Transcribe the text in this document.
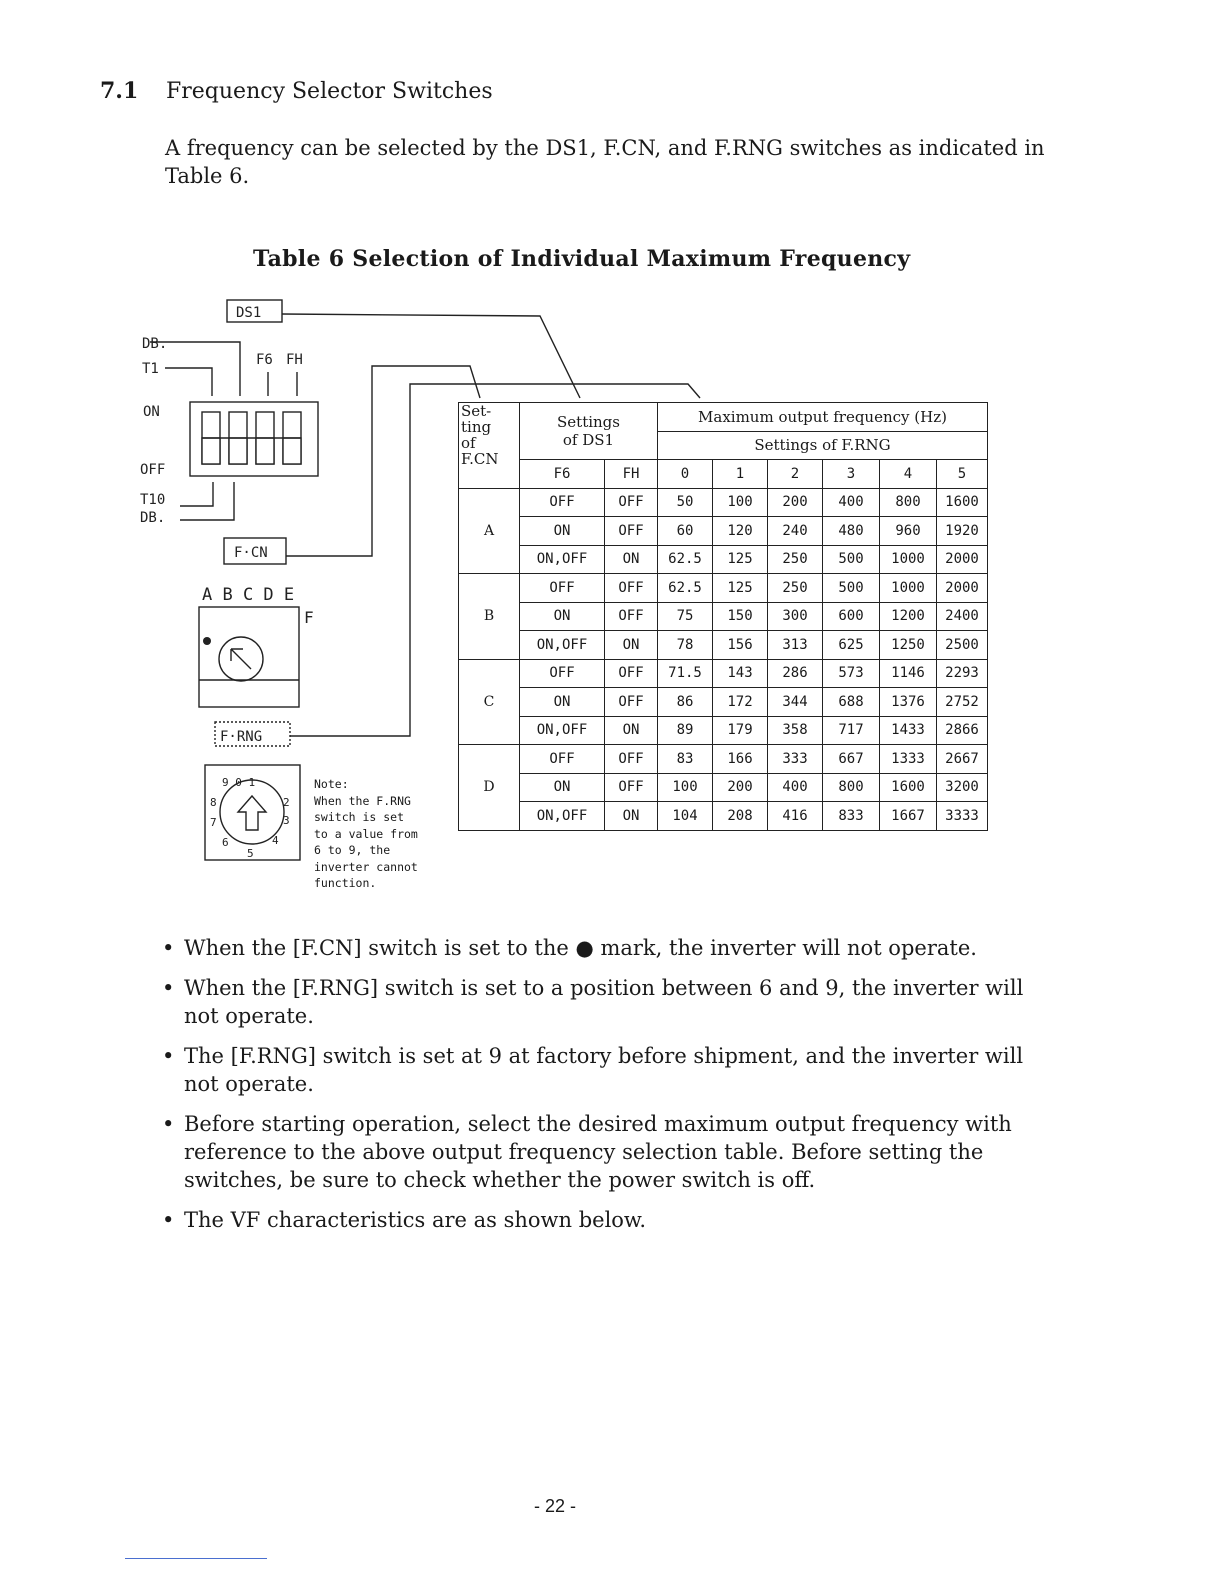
7.1 Frequency Selector Switches
A frequency can be selected by the DS1, F.CN, and F.RNG switches as indicated in Table 6.
Table 6 Selection of Individual Maximum Frequency
DS1
DB.
T1
F6 FH
ON
OFF
T10
DB.
F·CN
A B C D E
F
F·RNG
9 0 1
2
3
8
7
6
5
4
Note:
When the F.RNG
switch is set
to a value from
6 to 9, the
inverter cannot
function.
Set-
ting
of
F.CN	Settings
of DS1		Maximum output frequency (Hz)					
			Settings of F.RNG					
	F6	FH	0	1	2	3	4	5
A	OFF	OFF	50	100	200	400	800	1600
	ON	OFF	60	120	240	480	960	1920
	ON,OFF	ON	62.5	125	250	500	1000	2000
B	OFF	OFF	62.5	125	250	500	1000	2000
	ON	OFF	75	150	300	600	1200	2400
	ON,OFF	ON	78	156	313	625	1250	2500
C	OFF	OFF	71.5	143	286	573	1146	2293
	ON	OFF	86	172	344	688	1376	2752
	ON,OFF	ON	89	179	358	717	1433	2866
D	OFF	OFF	83	166	333	667	1333	2667
	ON	OFF	100	200	400	800	1600	3200
	ON,OFF	ON	104	208	416	833	1667	3333
• When the [F.CN] switch is set to the ● mark, the inverter will not operate.
• When the [F.RNG] switch is set to a position between 6 and 9, the inverter will not operate.
• The [F.RNG] switch is set at 9 at factory before shipment, and the inverter will not operate.
• Before starting operation, select the desired maximum output frequency with reference to the above output frequency selection table. Before setting the switches, be sure to check whether the power switch is off.
• The VF characteristics are as shown below.
- 22 -
